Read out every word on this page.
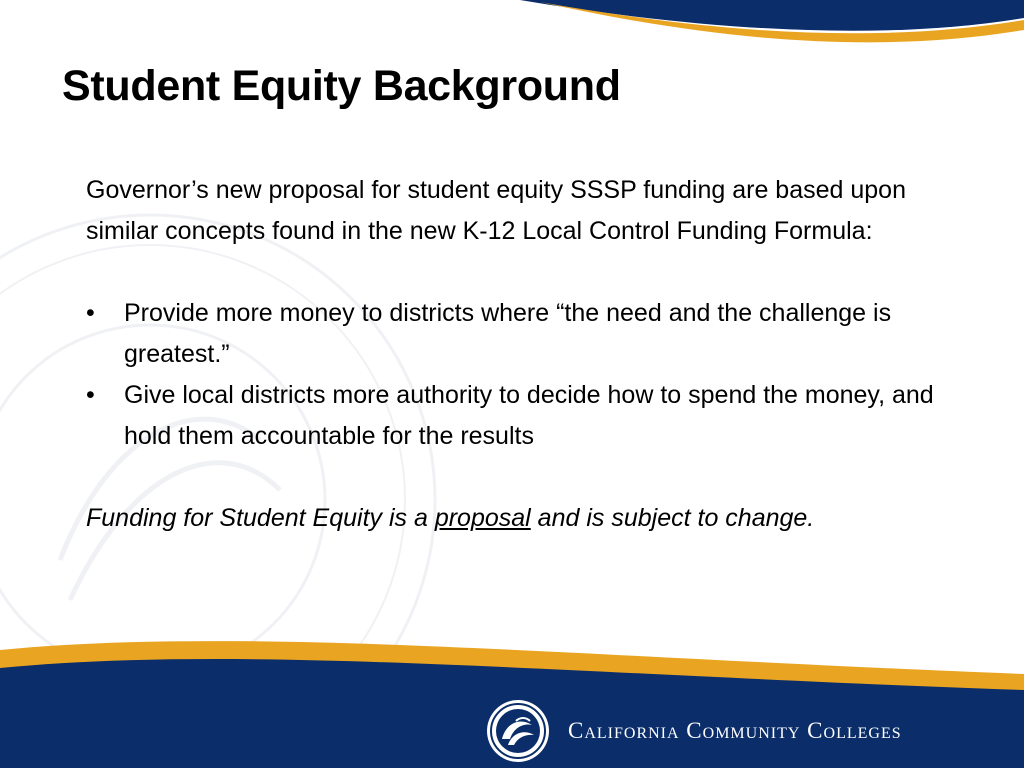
Student Equity Background

Governor’s new proposal for student equity SSSP funding are based upon similar concepts found in the new K-12 Local Control Funding Formula:

• Provide more money to districts where “the need and the challenge is greatest.”
• Give local districts more authority to decide how to spend the money, and hold them accountable for the results

Funding for Student Equity is a proposal and is subject to change.

California Community Colleges
